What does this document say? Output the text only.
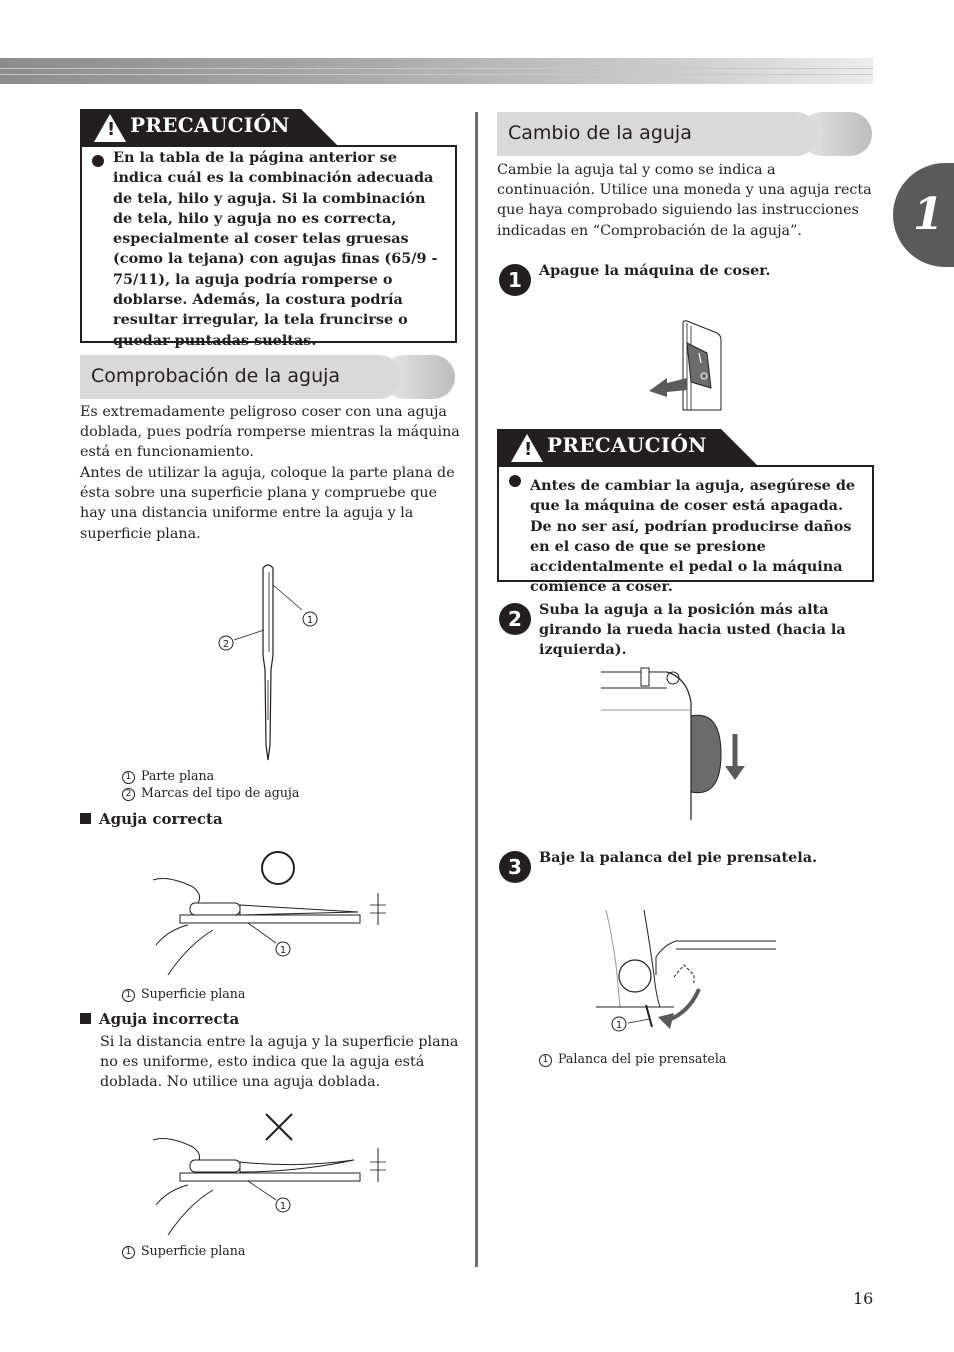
1
! PRECAUCIÓN
En la tabla de la página anterior se indica cuál es la combinación adecuada de tela, hilo y aguja. Si la combinación de tela, hilo y aguja no es correcta, especialmente al coser telas gruesas (como la tejana) con agujas finas (65/9 - 75/11), la aguja podría romperse o doblarse. Además, la costura podría resultar irregular, la tela fruncirse o quedar puntadas sueltas.
Comprobación de la aguja
Es extremadamente peligroso coser con una aguja doblada, pues podría romperse mientras la máquina está en funcionamiento.
Antes de utilizar la aguja, coloque la parte plana de ésta sobre una superficie plana y compruebe que hay una distancia uniforme entre la aguja y la superficie plana.
1
2
1 Parte plana
2 Marcas del tipo de aguja
Aguja correcta
1
1 Superficie plana
Aguja incorrecta
Si la distancia entre la aguja y la superficie plana no es uniforme, esto indica que la aguja está doblada. No utilice una aguja doblada.
1
1 Superficie plana
Cambio de la aguja
Cambie la aguja tal y como se indica a continuación. Utilice una moneda y una aguja recta que haya comprobado siguiendo las instrucciones indicadas en “Comprobación de la aguja”.
1	Apague la máquina de coser.
! PRECAUCIÓN
Antes de cambiar la aguja, asegúrese de que la máquina de coser está apagada. De no ser así, podrían producirse daños en el caso de que se presione accidentalmente el pedal o la máquina comience a coser.
2	Suba la aguja a la posición más alta girando la rueda hacia usted (hacia la izquierda).
3	Baje la palanca del pie prensatela.
1
1 Palanca del pie prensatela
16
